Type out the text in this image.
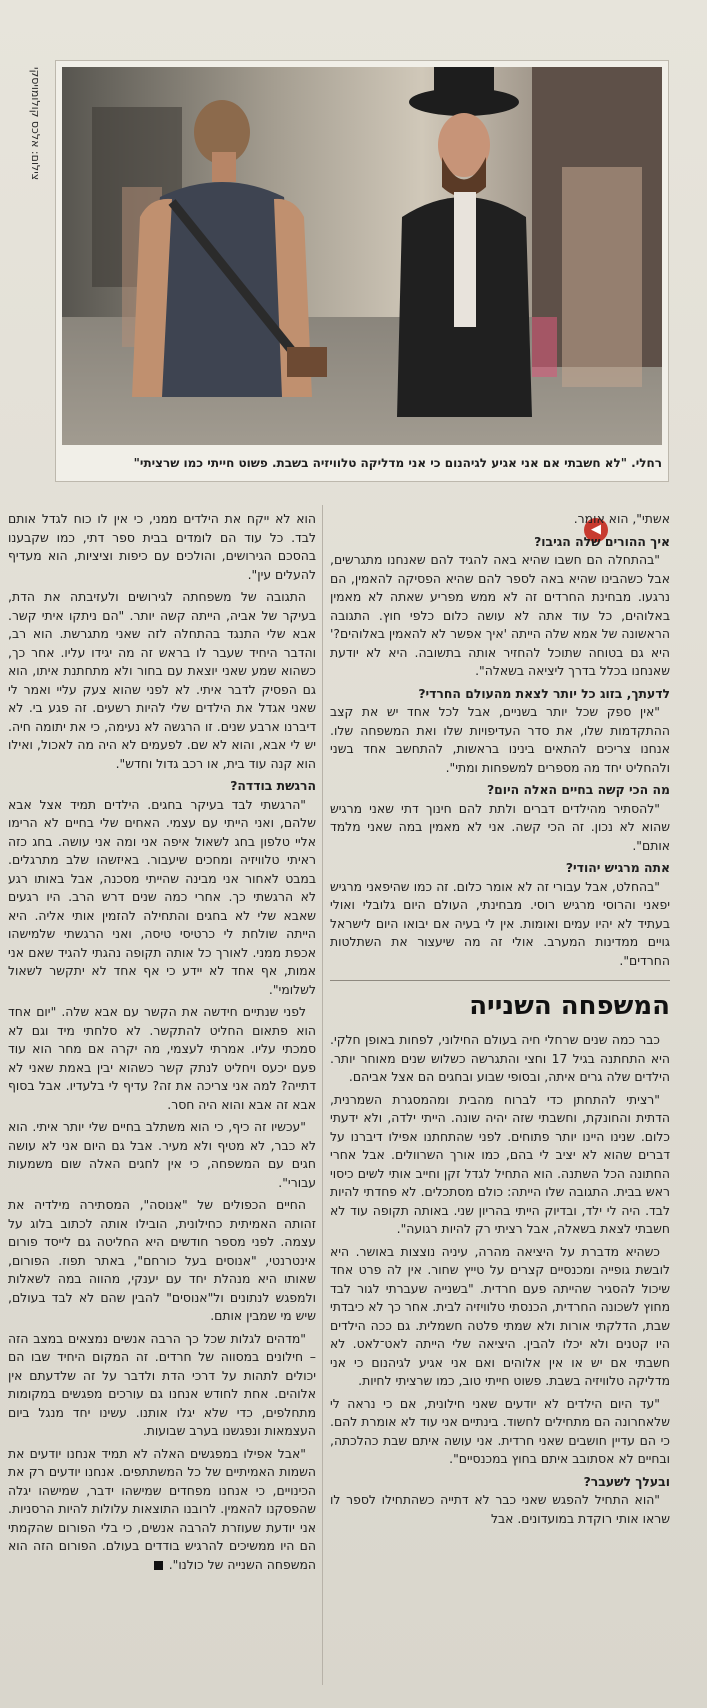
צילום: אלכס קולומויסקי
רחלי. "לא חשבתי אם אני אגיע לגיהנום כי אני מדליקה טלוויזיה בשבת. פשוט חייתי כמו שרציתי"
◀

אשתי", הוא אומר.

איך ההורים שלה הגיבו?

"בהתחלה הם חשבו שהיא באה להגיד להם שאנחנו מתגרשים, אבל כשהבינו שהיא באה לספר להם שהיא הפסיקה להאמין, הם נרגעו. מבחינת החרדים זה לא ממש מפריע שאתה לא מאמין באלוהים, כל עוד אתה לא עושה כלום כלפי חוץ. התגובה הראשונה של אמא שלה הייתה 'איך אפשר לא להאמין באלוהים?' היא גם בטוחה שתוכל להחזיר אותה בתשובה. היא לא יודעת שאנחנו בכלל בדרך ליציאה בשאלה".

לדעתך, בזוג כל יותר לצאת מהעולם החרדי?

"אין ספק שכל יותר בשניים, אבל לכל אחד יש את קצב ההתקדמות שלו, את סדר העדיפויות שלו ואת המשפחה שלו. אנחנו צריכים להתאים בינינו בראשות, להתחשב אחד בשני ולהחליט יחד מה מספרים למשפחות ומתי".

מה הכי קשה בחיים האלה היום?

"להסתיר מהילדים דברים ולתת להם חינוך דתי שאני מרגיש שהוא לא נכון. זה הכי קשה. אני לא מאמין במה שאני מלמד אותם".

אתה מרגיש יהודי?

"בהחלט, אבל עבורי זה לא אומר כלום. זה כמו שהיפאני מרגיש יפאני והרוסי מרגיש רוסי. מבחינתי, העולם היום גלובלי ואולי בעתיד לא יהיו עמים ואומות. אין לי בעיה אם יבואו היום לישראל גויים ממדינות המערב. אולי זה מה שיעצור את השתלטות החרדים".

המשפחה השנייה

כבר כמה שנים שרחלי חיה בעולם החילוני, לפחות באופן חלקי. היא התחתנה בגיל 17 וחצי והתגרשה כשלוש שנים מאוחר יותר. הילדים שלה גרים איתה, ובסופי שבוע ובחגים הם אצל אביהם.

"רציתי להתחתן כדי לברוח מהבית ומהמסגרת השמרנית, הדתית והחונקת, וחשבתי שזה יהיה שונה. הייתי ילדה, ולא ידעתי כלום. שנינו היינו יותר פתוחים. לפני שהתחתנו אפילו דיברנו על דברים שהוא לא יציב לי בהם, כמו אורך השרוולים. אבל אחרי החתונה הכל השתנה. הוא התחיל לגדל זקן וחייב אותי לשים כיסוי ראש בבית. התגובה שלו הייתה: כולם מסתכלים. לא פחדתי להיות לבד. היה לי ילד, ובדיוק הייתי בהריון שני. באותה תקופה עוד לא חשבתי לצאת בשאלה, אבל רציתי רק להיות רגועה".

כשהיא מדברת על היציאה מהרה, עיניה נוצצות באושר. היא לובשת גופייה ומכנסיים קצרים על טייץ שחור. אין לה פרט אחד שיכול להסגיר שהייתה פעם חרדית. "בשנייה שעברתי לגור לבד מחוץ לשכונה החרדית, הכנסתי טלוויזיה לבית. אחר כך לא כיבדתי שבת, הדלקתי אורות ולא שמתי פלטה חשמלית. גם ככה הילדים היו קטנים ולא יכלו להבין. היציאה שלי הייתה לאט־לאט. לא חשבתי אם יש או אין אלוהים ואם אני אגיע לגיהנום כי אני מדליקה טלוויזיה בשבת. פשוט חייתי טוב, כמו שרציתי לחיות.

"עד היום הילדים לא יודעים שאני חילונית, אם כי נראה לי שלאחרונה הם מתחילים לחשוד. בינתיים אני עוד לא אומרת להם. כי הם עדיין חושבים שאני חרדית. אני עושה איתם שבת כהלכתה, ובחיים לא אסתובב איתם בחוץ במכנסיים".

ובעלך לשעבר?

"הוא התחיל להפגש שאני כבר לא דתייה כשהתחילו לספר לו שראו אותי רוקדת במועדונים. אבל

הוא לא ייקח את הילדים ממני, כי אין לו כוח לגדל אותם לבד. כל עוד הם לומדים בבית ספר דתי, כמו שקבענו בהסכם הגירושים, והולכים עם כיפות וציציות, הוא מעדיף להעלים עין".

התגובה של משפחתה לגירושים ולעזיבתה את הדת, בעיקר של אביה, הייתה קשה יותר. "הם ניתקו איתי קשר. אבא שלי התנגד בהתחלה לזה שאני מתגרשת. הוא רב, והדבר היחיד שעבר לו בראש זה מה יגידו עליו. אחר כך, כשהוא שמע שאני יוצאת עם בחור ולא מתחתנת איתו, הוא גם הפסיק לדבר איתי. לא לפני שהוא צעק עליי ואמר לי שאני אגדל את הילדים שלי להיות רשעים. זה פגע בי. לא דיברנו ארבע שנים. זו הרגשה לא נעימה, כי את יתומה חיה. יש לי אבא, והוא לא שם. לפעמים לא היה מה לאכול, ואילו הוא קנה עוד בית, או רכב גדול וחדש".

הרגשת בודדה?

"הרגשתי לבד בעיקר בחגים. הילדים תמיד אצל אבא שלהם, ואני הייתי עם עצמי. האחים שלי בחיים לא הרימו אליי טלפון בחג לשאול איפה אני ומה אני עושה. בחג כזה ראיתי טלוויזיה ומחכים שיעבור. באיזשהו שלב מתרגלים. במבט לאחור אני מבינה שהייתי מסכנה, אבל באותו רגע לא הרגשתי כך. אחרי כמה שנים דרש הרב. היו רגעים שאבא שלי לא בחגים והתחילה להזמין אותי אליה. היא הייתה שולחת לי כרטיסי טיסה, ואני הרגשתי שלמישהו אכפת ממני. לאורך כל אותה תקופה נהגתי להגיד שאם אני אמות, אף אחד לא יידע כי אף אחד לא יתקשר לשאול לשלומי".

לפני שנתיים חידשה את הקשר עם אבא שלה. "יום אחד הוא פתאום החליט להתקשר. לא סלחתי מיד וגם לא סמכתי עליו. אמרתי לעצמי, מה יקרה אם מחר הוא עוד פעם יכעס ויחליט לנתק קשר כשהוא יבין באמת שאני לא דתייה? למה אני צריכה את זה? עדיף לי בלעדיו. אבל בסוף אבא זה אבא והוא היה חסר.

"עכשיו זה כיף, כי הוא משתלב בחיים שלי יותר איתי. הוא לא כבר, לא מטיף ולא מעיר. אבל גם היום אני לא עושה חגים עם המשפחה, כי אין לחגים האלה שום משמעות עבורי".

החיים הכפולים של "אנוסה", המסתירה מילדיה את זהותה האמיתית כחילונית, הובילו אותה לכתוב בלוג על עצמה. לפני מספר חודשים היא החליטה גם לייסד פורום אינטרנטי, "אנוסים בעל כורחם", באתר תפוז. הפורום, שאותו היא מנהלת יחד עם יענקי, מהווה במה לשאלות ולמפגש לנתונים ול"אנוסים" להבין שהם לא לבד בעולם, שיש מי שמבין אותם.

"מדהים לגלות שכל כך הרבה אנשים נמצאים במצב הזה – חילונים במסווה של חרדים. זה המקום היחיד שבו הם יכולים לתהות על דרכי הדת ולדבר על זה שלדעתם אין אלוהים. אחת לחודש אנחנו גם עורכים מפגשים במקומות מתחלפים, כדי שלא יגלו אותנו. עשינו יחד מנגל ביום העצמאות ונפגשנו בערב שבועות.

"אבל אפילו במפגשים האלה לא תמיד אנחנו יודעים את השמות האמיתיים של כל המשתתפים. אנחנו יודעים רק את הכינויים, כי אנחנו מפחדים שמישהו ידבר, שמישהו יגלה שהפסקנו להאמין. לרובנו התוצאות עלולות להיות הרסניות. אני יודעת שעוזרת להרבה אנשים, כי בלי הפורום שהקמתי הם היו ממשיכים להרגיש בודדים בעולם. הפורום הזה הוא המשפחה השנייה של כולנו".
